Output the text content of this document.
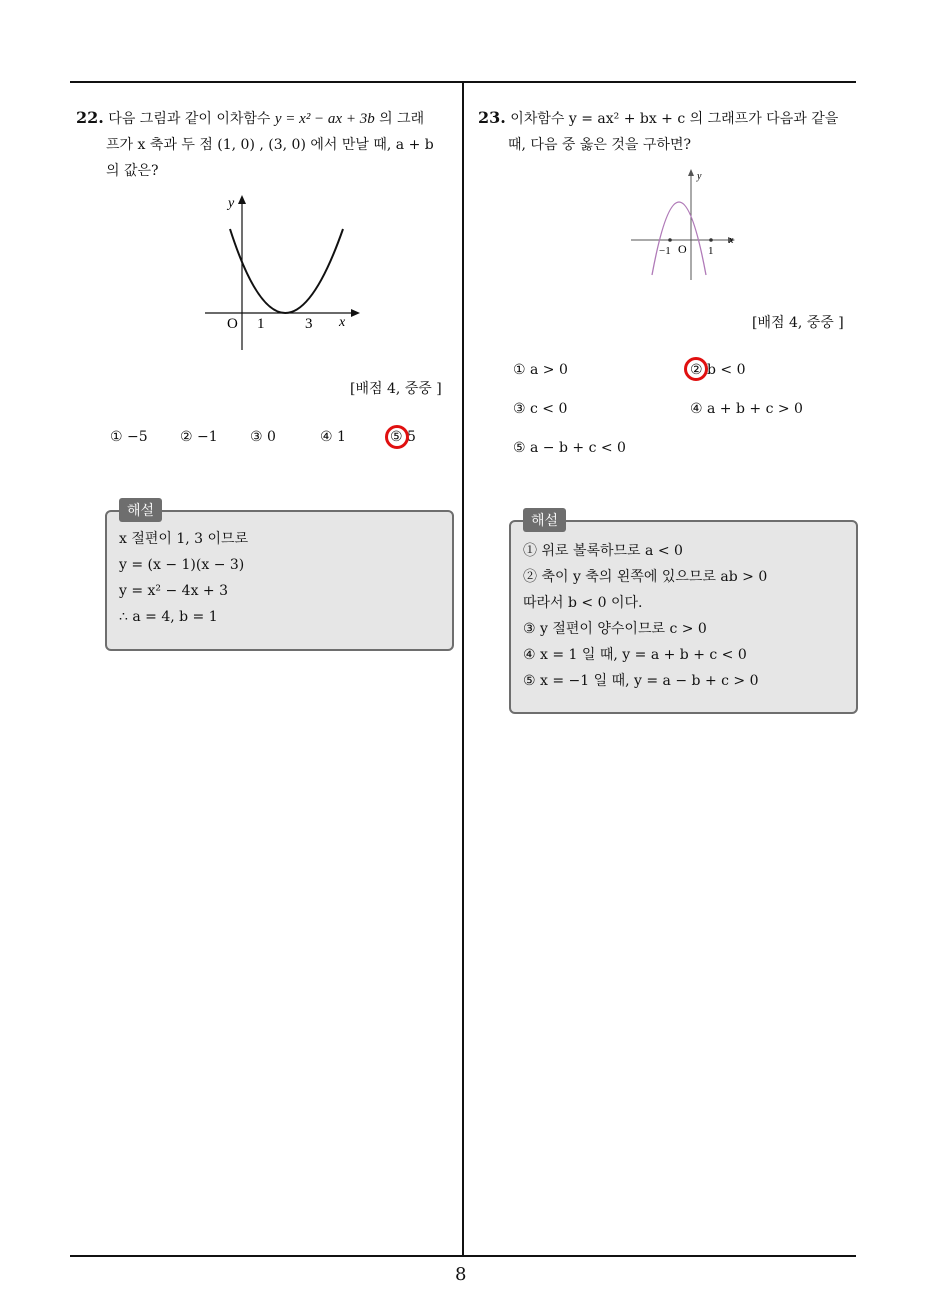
8
22. 다음 그림과 같이 이차함수 y = x² − ax + 3b 의 그래
프가 x 축과 두 점 (1, 0) , (3, 0) 에서 만날 때, a + b
의 값은?
y
x
O 1	3
[배점 4, 중중 ]
① −5 ② −1 ③ 0	④ 1	⑤ 5
x 절편이 1, 3 이므로
y = (x − 1)(x − 3)
y = x² − 4x + 3
∴ a = 4, b = 1
해설
23. 이차함수 y = ax² + bx + c 의 그래프가 다음과 같을
때, 다음 중 옳은 것을 구하면?
y
x
O
−1	1
[배점 4, 중중 ]
① a > 0	② b < 0
③ c < 0	④ a + b + c > 0
⑤ a − b + c < 0
① 위로 볼록하므로 a < 0
② 축이 y 축의 왼쪽에 있으므로 ab > 0
따라서 b < 0 이다.
③ y 절편이 양수이므로 c > 0
④ x = 1 일 때, y = a + b + c < 0
⑤ x = −1 일 때, y = a − b + c > 0
해설
